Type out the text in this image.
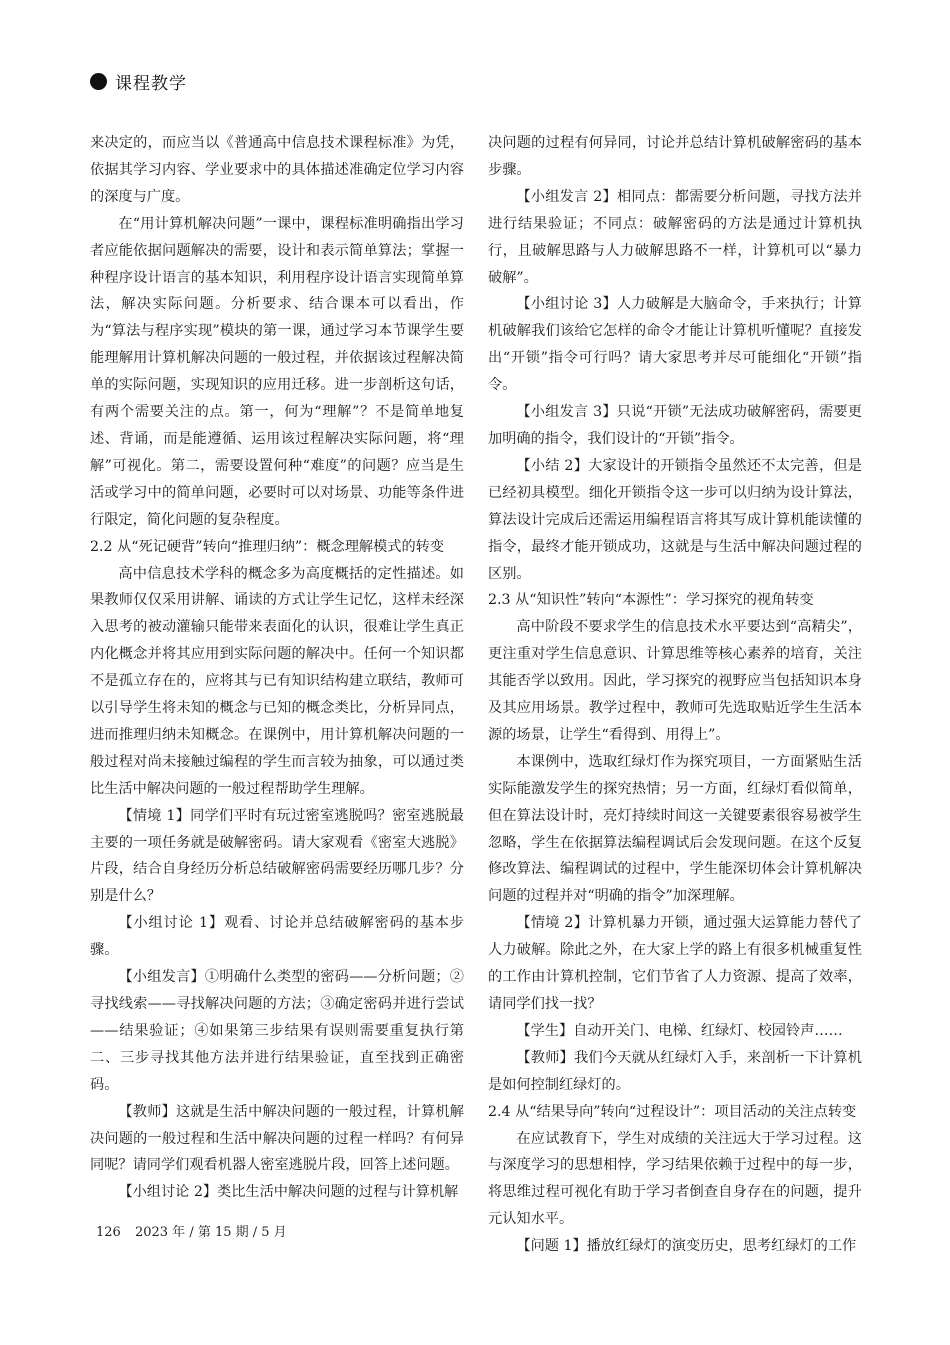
课程教学

来决定的，而应当以《普通高中信息技术课程标准》为凭，依据其学习内容、学业要求中的具体描述准确定位学习内容的深度与广度。

在“用计算机解决问题”一课中，课程标准明确指出学习者应能依据问题解决的需要，设计和表示简单算法；掌握一种程序设计语言的基本知识，利用程序设计语言实现简单算法，解决实际问题。分析要求、结合课本可以看出，作为“算法与程序实现”模块的第一课，通过学习本节课学生要能理解用计算机解决问题的一般过程，并依据该过程解决简单的实际问题，实现知识的应用迁移。进一步剖析这句话，有两个需要关注的点。第一，何为“理解”？不是简单地复述、背诵，而是能遵循、运用该过程解决实际问题，将“理解”可视化。第二，需要设置何种“难度”的问题？应当是生活或学习中的简单问题，必要时可以对场景、功能等条件进行限定，简化问题的复杂程度。

2.2 从“死记硬背”转向“推理归纳”：概念理解模式的转变

高中信息技术学科的概念多为高度概括的定性描述。如果教师仅仅采用讲解、诵读的方式让学生记忆，这样未经深入思考的被动灌输只能带来表面化的认识，很难让学生真正内化概念并将其应用到实际问题的解决中。任何一个知识都不是孤立存在的，应将其与已有知识结构建立联结，教师可以引导学生将未知的概念与已知的概念类比，分析异同点，进而推理归纳未知概念。在课例中，用计算机解决问题的一般过程对尚未接触过编程的学生而言较为抽象，可以通过类比生活中解决问题的一般过程帮助学生理解。

【情境 1】同学们平时有玩过密室逃脱吗？密室逃脱最主要的一项任务就是破解密码。请大家观看《密室大逃脱》片段，结合自身经历分析总结破解密码需要经历哪几步？分别是什么？

【小组讨论 1】观看、讨论并总结破解密码的基本步骤。

【小组发言】①明确什么类型的密码——分析问题；②寻找线索——寻找解决问题的方法；③确定密码并进行尝试——结果验证；④如果第三步结果有误则需要重复执行第二、三步寻找其他方法并进行结果验证，直至找到正确密码。

【教师】这就是生活中解决问题的一般过程，计算机解决问题的一般过程和生活中解决问题的过程一样吗？有何异同呢？请同学们观看机器人密室逃脱片段，回答上述问题。

【小组讨论 2】类比生活中解决问题的过程与计算机解

决问题的过程有何异同，讨论并总结计算机破解密码的基本步骤。

【小组发言 2】相同点：都需要分析问题，寻找方法并进行结果验证；不同点：破解密码的方法是通过计算机执行，且破解思路与人力破解思路不一样，计算机可以“暴力破解”。

【小组讨论 3】人力破解是大脑命令，手来执行；计算机破解我们该给它怎样的命令才能让计算机听懂呢？直接发出“开锁”指令可行吗？请大家思考并尽可能细化“开锁”指令。

【小组发言 3】只说“开锁”无法成功破解密码，需要更加明确的指令，我们设计的“开锁”指令。

【小结 2】大家设计的开锁指令虽然还不太完善，但是已经初具模型。细化开锁指令这一步可以归纳为设计算法，算法设计完成后还需运用编程语言将其写成计算机能读懂的指令，最终才能开锁成功，这就是与生活中解决问题过程的区别。

2.3 从“知识性”转向“本源性”：学习探究的视角转变

高中阶段不要求学生的信息技术水平要达到“高精尖”，更注重对学生信息意识、计算思维等核心素养的培育，关注其能否学以致用。因此，学习探究的视野应当包括知识本身及其应用场景。教学过程中，教师可先选取贴近学生生活本源的场景，让学生“看得到、用得上”。

本课例中，选取红绿灯作为探究项目，一方面紧贴生活实际能激发学生的探究热情；另一方面，红绿灯看似简单，但在算法设计时，亮灯持续时间这一关键要素很容易被学生忽略，学生在依据算法编程调试后会发现问题。在这个反复修改算法、编程调试的过程中，学生能深切体会计算机解决问题的过程并对“明确的指令”加深理解。

【情境 2】计算机暴力开锁，通过强大运算能力替代了人力破解。除此之外，在大家上学的路上有很多机械重复性的工作由计算机控制，它们节省了人力资源、提高了效率，请同学们找一找？

【学生】自动开关门、电梯、红绿灯、校园铃声……

【教师】我们今天就从红绿灯入手，来剖析一下计算机是如何控制红绿灯的。

2.4 从“结果导向”转向“过程设计”：项目活动的关注点转变

在应试教育下，学生对成绩的关注远大于学习过程。这与深度学习的思想相悖，学习结果依赖于过程中的每一步，将思维过程可视化有助于学习者倒查自身存在的问题，提升元认知水平。

【问题 1】播放红绿灯的演变历史，思考红绿灯的工作

126 2023 年 / 第 15 期 / 5 月
